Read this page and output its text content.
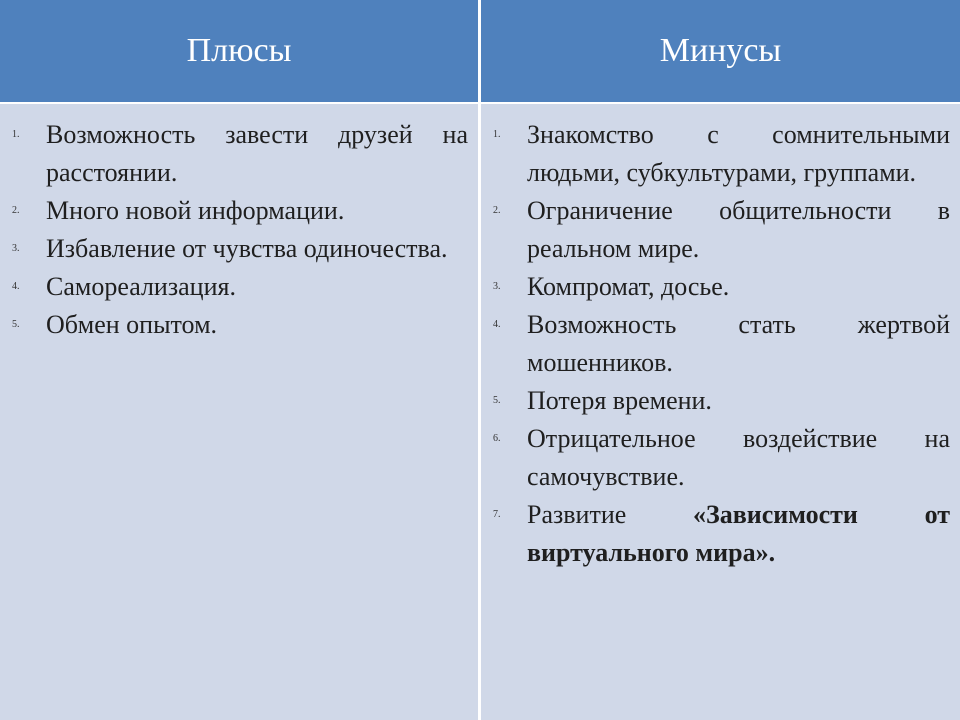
Плюсы	Минусы
1. Возможность завести друзей на расстоянии.
2. Много новой информации.
3. Избавление от чувства одиночества.
4. Самореализация.
5. Обмен опытом.
1. Знакомство с сомнительными людьми, субкультурами, группами.
2. Ограничение общительности в реальном мире.
3. Компромат, досье.
4. Возможность стать жертвой мошенников.
5. Потеря времени.
6. Отрицательное воздействие на самочувствие.
7. Развитие «Зависимости от виртуального мира».
